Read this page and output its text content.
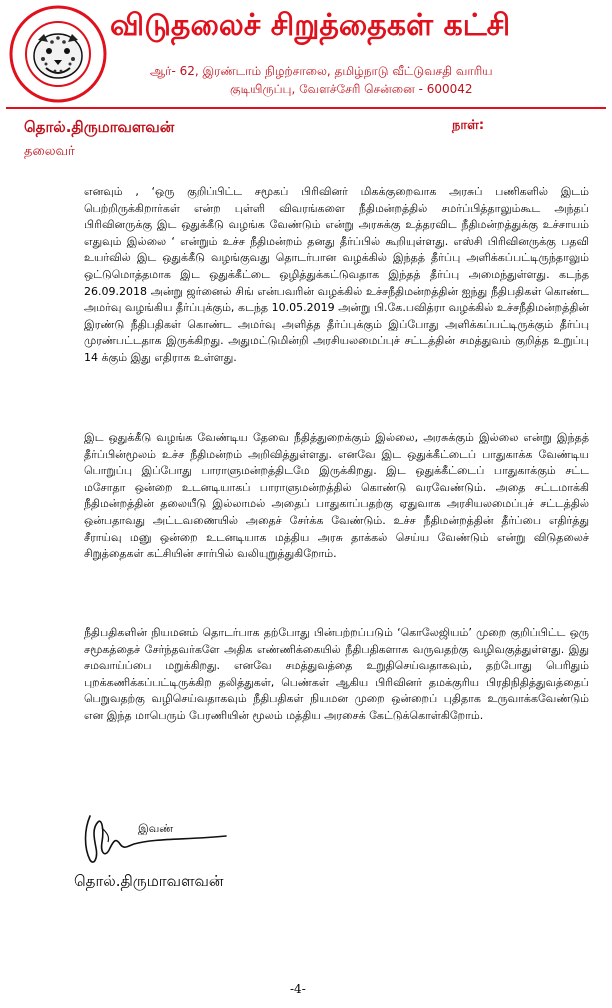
விடுதலைச் சிறுத்தைகள் கட்சி
ஆர்- 62, இரண்டாம் நிழற்சாலை, தமிழ்நாடு வீட்டுவசதி வாரிய
குடியிருப்பு, வேளச்சேரி சென்னை - 600042
தொல்.திருமாவளவன்
தலைவர்
நாள்:

எனவும் , ‘ஒரு குறிப்பிட்ட சமூகப் பிரிவினர் மிகக்குறைவாக அரசுப் பணிகளில் இடம் பெற்றிருக்கிறார்கள் என்ற புள்ளி விவரங்களை நீதிமன்றத்தில் சமர்ப்பித்தாலும்கூட அந்தப் பிரிவினருக்கு இட ஒதுக்கீடு வழங்க வேண்டும் என்று அரசுக்கு உத்தரவிட நீதிமன்றத்துக்கு உச்சாயம் எதுவும் இல்லை ‘ என்றும் உச்ச நீதிமன்றம் தனது தீர்ப்பில் கூறியுள்ளது. எஸ்சி பிரிவினருக்கு பதவி உயர்வில் இட ஒதுக்கீடு வழங்குவது தொடர்பான வழக்கில் இந்தத் தீர்ப்பு அளிக்கப்பட்டிருந்தாலும் ஒட்டுமொத்தமாக இட ஒதுக்கீட்டை ஒழித்துக்கட்டுவதாக இந்தத் தீர்ப்பு அமைந்துள்ளது. கடந்த 26.09.2018 அன்று ஜர்னைல் சிங் என்பவரின் வழக்கில் உச்சநீதிமன்றத்தின் ஐந்து நீதிபதிகள் கொண்ட அமர்வு வழங்கிய தீர்ப்புக்கும், கடந்த 10.05.2019 அன்று பி.கே.பவித்ரா வழக்கில் உச்சநீதிமன்றத்தின் இரண்டு நீதிபதிகள் கொண்ட அமர்வு அளித்த தீர்ப்புக்கும் இப்போது அளிக்கப்பட்டிருக்கும் தீர்ப்பு முரண்பட்டதாக இருக்கிறது. அதுமட்டுமின்றி அரசியலமைப்புச் சட்டத்தின் சமத்துவம் குறித்த உறுப்பு 14 க்கும் இது எதிராக உள்ளது.

இட ஒதுக்கீடு வழங்க வேண்டிய தேவை நீதித்துறைக்கும் இல்லை, அரசுக்கும் இல்லை என்று இந்தத் தீர்ப்பின்மூலம் உச்ச நீதிமன்றம் அறிவித்துள்ளது. எனவே இட ஒதுக்கீட்டைப் பாதுகாக்க வேண்டிய பொறுப்பு இப்போது பாராளுமன்றத்திடமே இருக்கிறது. இட ஒதுக்கீட்டைப் பாதுகாக்கும் சட்ட மசோதா ஒன்றை உடனடியாகப் பாராளுமன்றத்தில் கொண்டு வரவேண்டும். அதை சட்டமாக்கி நீதிமன்றத்தின் தலையீடு இல்லாமல் அதைப் பாதுகாப்பதற்கு ஏதுவாக அரசியலமைப்புச் சட்டத்தில் ஒன்பதாவது அட்டவணையில் அதைச் சேர்க்க வேண்டும். உச்ச நீதிமன்றத்தின் தீர்ப்பை எதிர்த்து சீராய்வு மனு ஒன்றை உடனடியாக மத்திய அரசு தாக்கல் செய்ய வேண்டும் என்று விடுதலைச் சிறுத்தைகள் கட்சியின் சார்பில் வலியுறுத்துகிறோம்.

நீதிபதிகளின் நியமனம் தொடர்பாக தற்போது பின்பற்றப்படும் ‘கொலேஜியம்’ முறை குறிப்பிட்ட ஒரு சமூகத்தைச் சேர்ந்தவர்களே அதிக எண்ணிக்கையில் நீதிபதிகளாக வருவதற்கு வழிவகுத்துள்ளது. இது சமவாய்ப்பை மறுக்கிறது. எனவே சமத்துவத்தை உறுதிசெய்வதாகவும், தற்போது பெரிதும் புறக்கணிக்கப்பட்டிருக்கிற தலித்துகள், பெண்கள் ஆகிய பிரிவினர் தமக்குரிய பிரதிநிதித்துவத்தைப் பெறுவதற்கு வழிசெய்வதாகவும் நீதிபதிகள் நியமன முறை ஒன்றைப் புதிதாக உருவாக்கவேண்டும் என இந்த மாபெரும் பேரணியின் மூலம் மத்திய அரசைக் கேட்டுக்கொள்கிறோம்.

இவண்
தொல்.திருமாவளவன்
-4-
